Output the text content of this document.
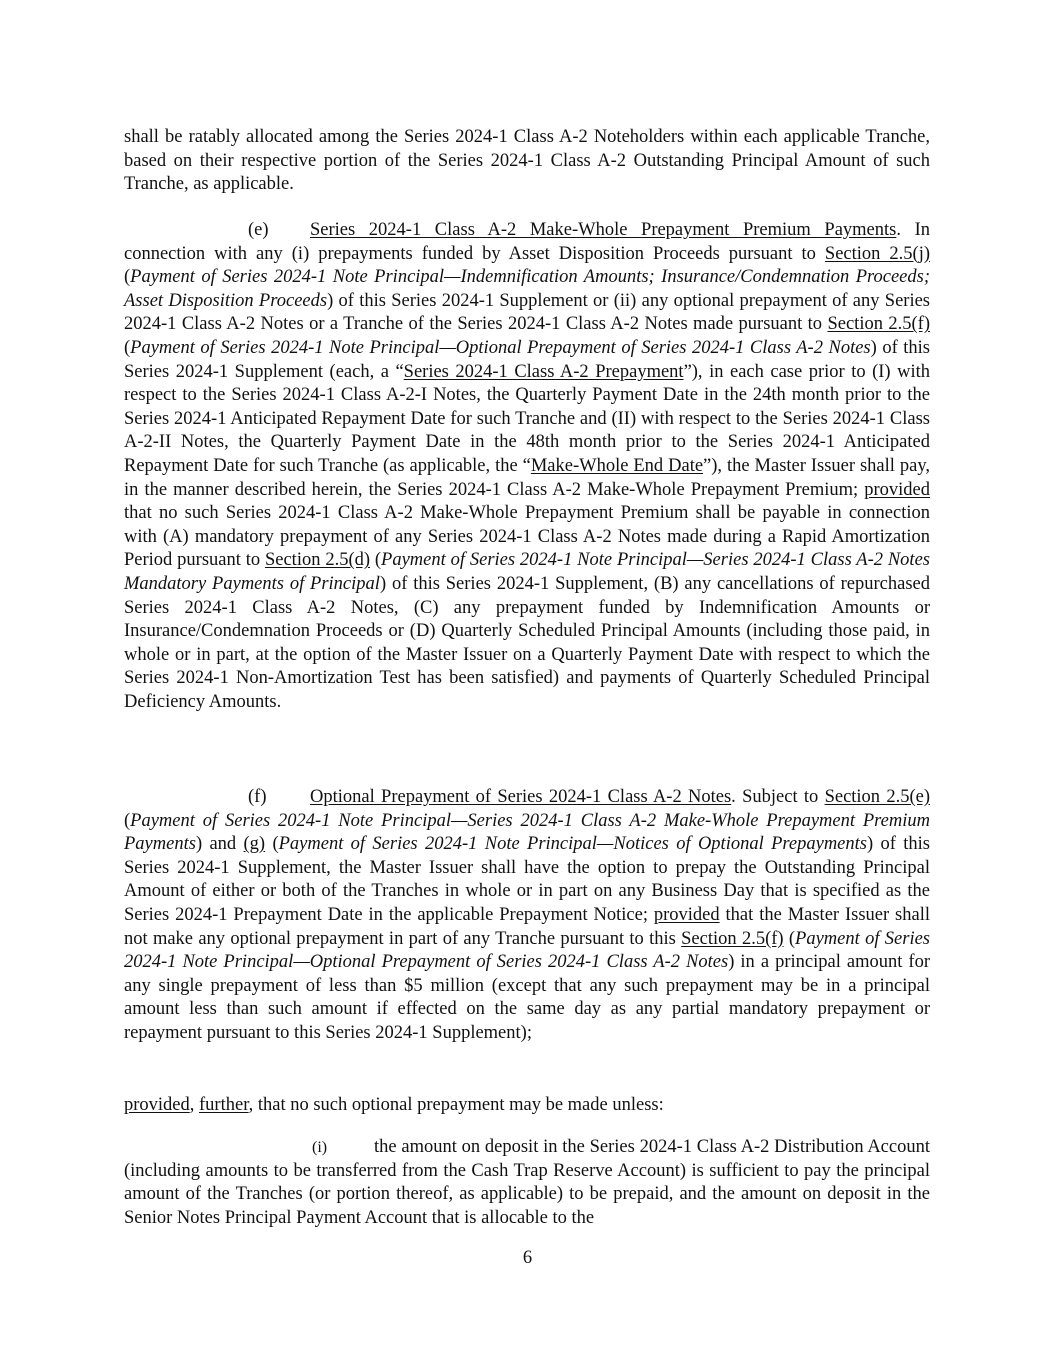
shall be ratably allocated among the Series 2024-1 Class A-2 Noteholders within each applicable Tranche, based on their respective portion of the Series 2024-1 Class A-2 Outstanding Principal Amount of such Tranche, as applicable.

(e) Series 2024-1 Class A-2 Make-Whole Prepayment Premium Payments. In connection with any (i) prepayments funded by Asset Disposition Proceeds pursuant to Section 2.5(j) (Payment of Series 2024-1 Note Principal—Indemnification Amounts; Insurance/Condemnation Proceeds; Asset Disposition Proceeds) of this Series 2024-1 Supplement or (ii) any optional prepayment of any Series 2024-1 Class A-2 Notes or a Tranche of the Series 2024-1 Class A-2 Notes made pursuant to Section 2.5(f) (Payment of Series 2024-1 Note Principal—Optional Prepayment of Series 2024-1 Class A-2 Notes) of this Series 2024-1 Supplement (each, a “Series 2024-1 Class A-2 Prepayment”), in each case prior to (I) with respect to the Series 2024-1 Class A-2-I Notes, the Quarterly Payment Date in the 24th month prior to the Series 2024-1 Anticipated Repayment Date for such Tranche and (II) with respect to the Series 2024-1 Class A-2-II Notes, the Quarterly Payment Date in the 48th month prior to the Series 2024-1 Anticipated Repayment Date for such Tranche (as applicable, the “Make-Whole End Date”), the Master Issuer shall pay, in the manner described herein, the Series 2024-1 Class A-2 Make-Whole Prepayment Premium; provided that no such Series 2024-1 Class A-2 Make-Whole Prepayment Premium shall be payable in connection with (A) mandatory prepayment of any Series 2024-1 Class A-2 Notes made during a Rapid Amortization Period pursuant to Section 2.5(d) (Payment of Series 2024-1 Note Principal—Series 2024-1 Class A-2 Notes Mandatory Payments of Principal) of this Series 2024-1 Supplement, (B) any cancellations of repurchased Series 2024-1 Class A-2 Notes, (C) any prepayment funded by Indemnification Amounts or Insurance/Condemnation Proceeds or (D) Quarterly Scheduled Principal Amounts (including those paid, in whole or in part, at the option of the Master Issuer on a Quarterly Payment Date with respect to which the Series 2024-1 Non-Amortization Test has been satisfied) and payments of Quarterly Scheduled Principal Deficiency Amounts.

(f) Optional Prepayment of Series 2024-1 Class A-2 Notes. Subject to Section 2.5(e) (Payment of Series 2024-1 Note Principal—Series 2024-1 Class A-2 Make-Whole Prepayment Premium Payments) and (g) (Payment of Series 2024-1 Note Principal—Notices of Optional Prepayments) of this Series 2024-1 Supplement, the Master Issuer shall have the option to prepay the Outstanding Principal Amount of either or both of the Tranches in whole or in part on any Business Day that is specified as the Series 2024-1 Prepayment Date in the applicable Prepayment Notice; provided that the Master Issuer shall not make any optional prepayment in part of any Tranche pursuant to this Section 2.5(f) (Payment of Series 2024-1 Note Principal—Optional Prepayment of Series 2024-1 Class A-2 Notes) in a principal amount for any single prepayment of less than $5 million (except that any such prepayment may be in a principal amount less than such amount if effected on the same day as any partial mandatory prepayment or repayment pursuant to this Series 2024-1 Supplement);

provided, further, that no such optional prepayment may be made unless:

(i)	the amount on deposit in the Series 2024-1 Class A-2 Distribution Account (including amounts to be transferred from the Cash Trap Reserve Account) is sufficient to pay the principal amount of the Tranches (or portion thereof, as applicable) to be prepaid, and the amount on deposit in the Senior Notes Principal Payment Account that is allocable to the

6
